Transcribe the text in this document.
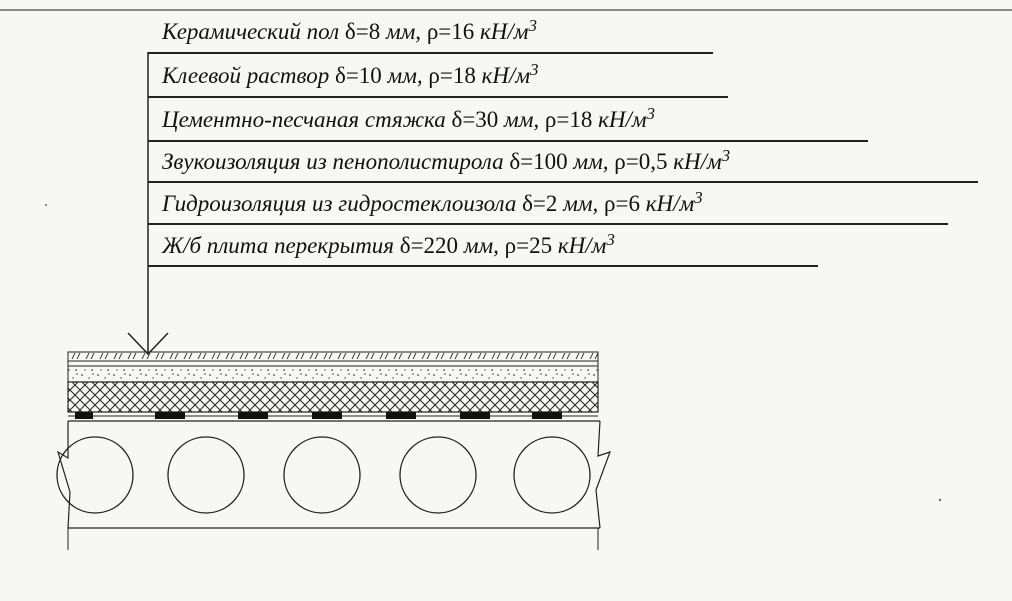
Керамический пол δ=8 мм, ρ=16 $кН/м^3$
Клеевой раствор δ=10 мм, ρ=18 $кН/м^3$
Цементно-песчаная стяжка δ=30 мм, ρ=18 $кН/м^3$
Звукоизоляция из пенополистирола δ=100 мм, ρ=0,5 $кН/м^3$
Гидроизоляция из гидростеклоизола δ=2 мм, ρ=6 $кН/м^3$
Ж/б плита перекрытия δ=220 мм, ρ=25 $кН/м^3$
